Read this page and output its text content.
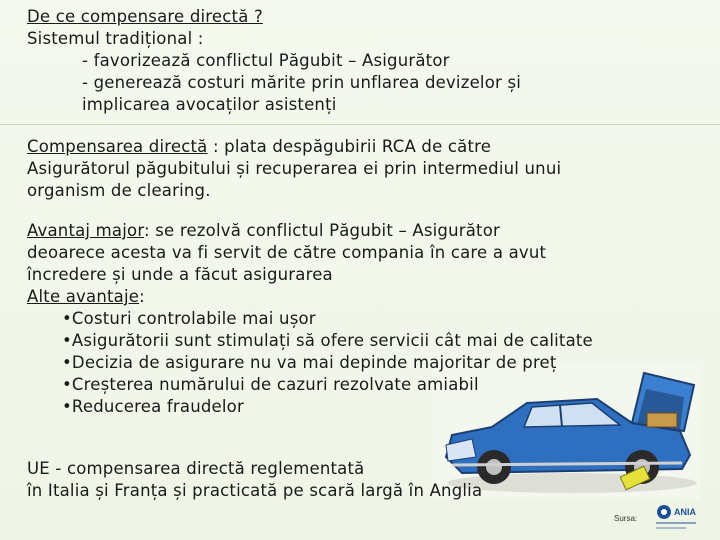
De ce compensare directă ?
Sistemul tradițional :
- favorizează conflictul Păgubit – Asigurător
- generează costuri mărite prin unflarea devizelor și
implicarea avocaților asistenți
Compensarea directă : plata despăgubirii RCA de către
Asigurătorul păgubitului și recuperarea ei prin intermediul unui
organism de clearing.
Avantaj major: se rezolvă conflictul Păgubit – Asigurător
deoarece acesta va fi servit de către compania în care a avut
încredere și unde a făcut asigurarea
Alte avantaje:
•Costuri controlabile mai ușor
•Asigurătorii sunt stimulați să ofere servicii cât mai de calitate
•Decizia de asigurare nu va mai depinde majoritar de preț
•Creșterea numărului de cazuri rezolvate amiabil
•Reducerea fraudelor
UE - compensarea directă reglementată
în Italia și Franța și practicată pe scară largă în Anglia
Sursa:
ANIA
